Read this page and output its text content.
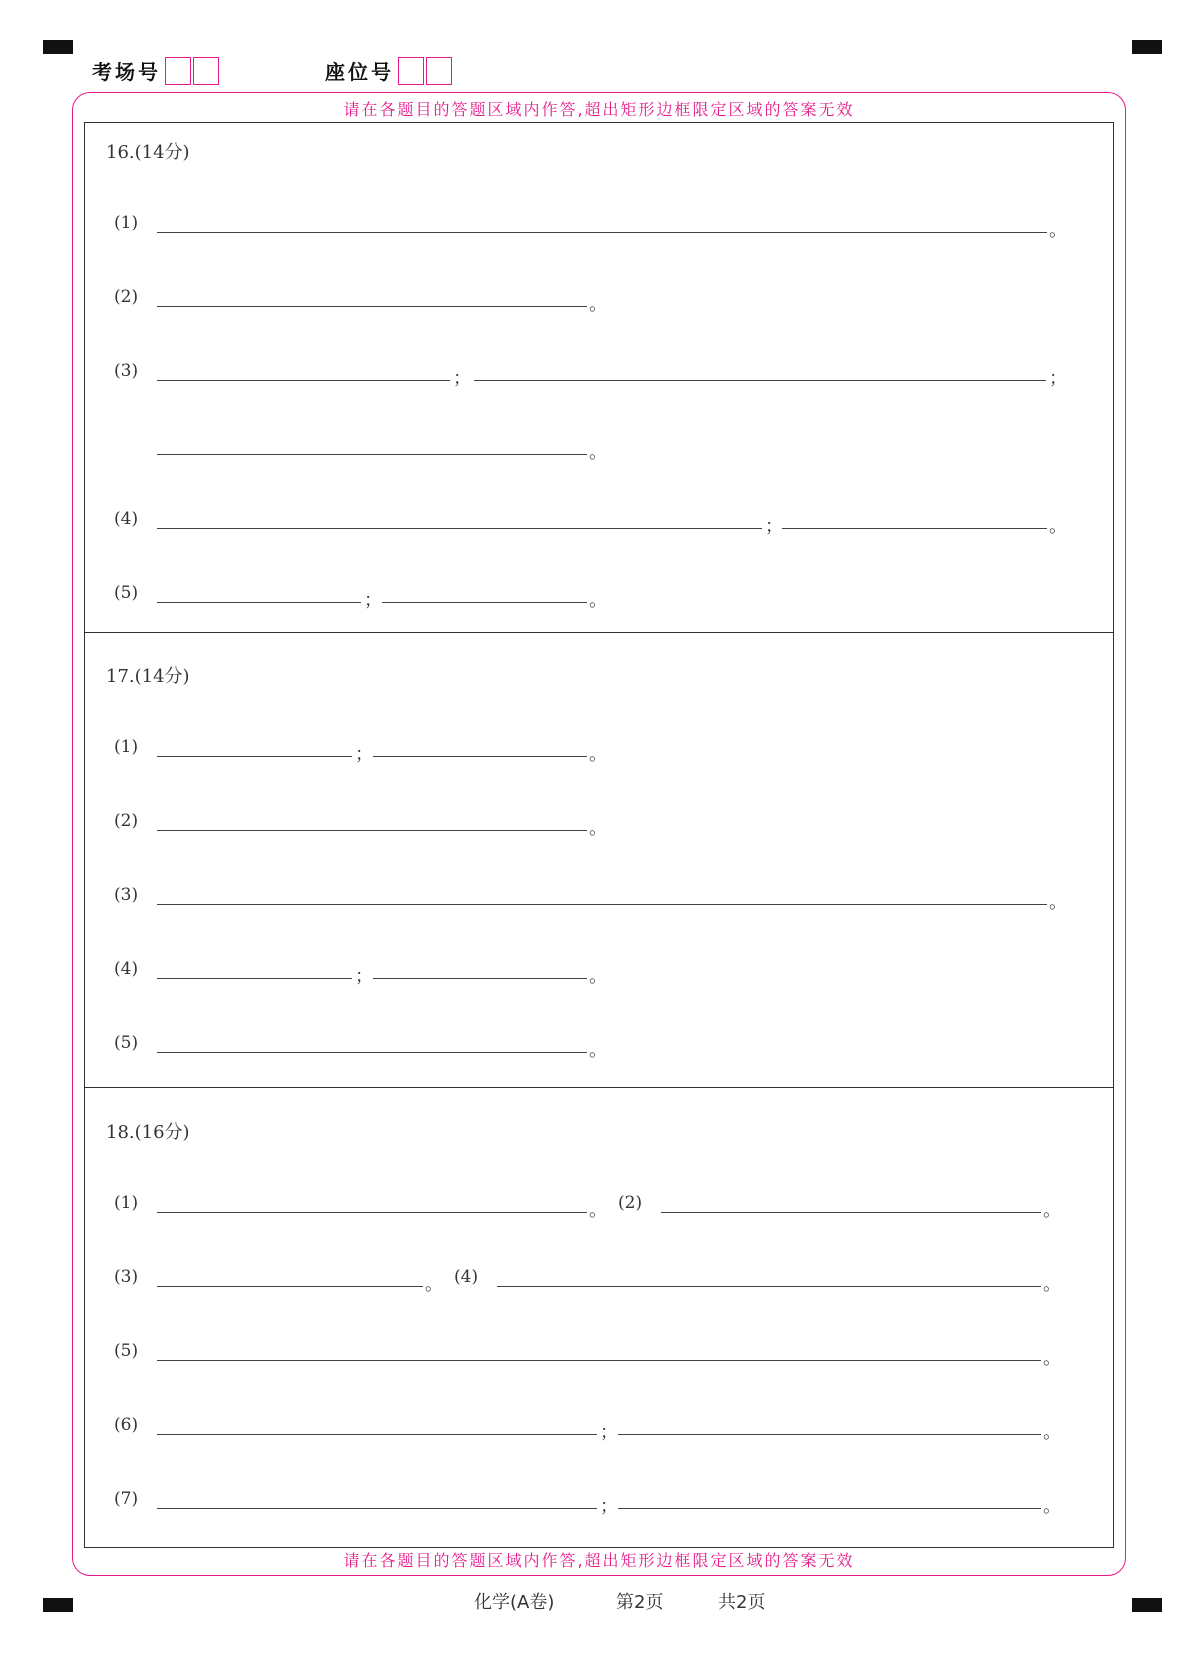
考场号	座位号
请在各题目的答题区域内作答,超出矩形边框限定区域的答案无效
请在各题目的答题区域内作答,超出矩形边框限定区域的答案无效
16.(14分)
(1)	。
(2)	。
(3)	；	；
。
(4)	；	。
(5)	；	。
17.(14分)
(1)	；	。
(2)	。
(3)	。
(4)	；	。
(5)	。
18.(16分)
(1)	。 (2)	。
(3)	。 (4)	。
(5)	。
(6)	；	。
(7)	；	。
化学(A卷)	第2页	共2页
